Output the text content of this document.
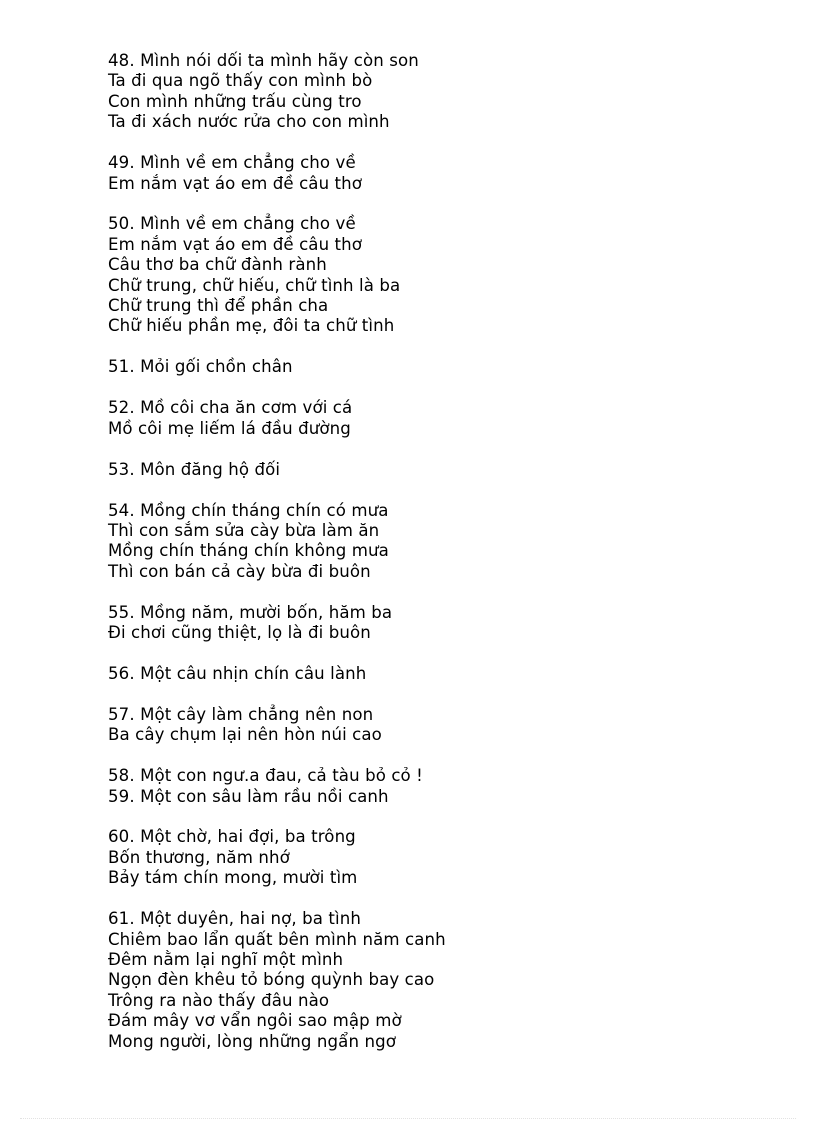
48. Mình nói dối ta mình hãy còn son
Ta đi qua ngõ thấy con mình bò
Con mình những trấu cùng tro
Ta đi xách nước rửa cho con mình
49. Mình về em chẳng cho về
Em nắm vạt áo em đề câu thơ
50. Mình về em chẳng cho về
Em nắm vạt áo em đề câu thơ
Câu thơ ba chữ đành rành
Chữ trung, chữ hiếu, chữ tình là ba
Chữ trung thì để phần cha
Chữ hiếu phần mẹ, đôi ta chữ tình
51. Mỏi gối chồn chân
52. Mồ côi cha ăn cơm với cá
Mồ côi mẹ liếm lá đầu đường
53. Môn đăng hộ đối
54. Mồng chín tháng chín có mưa
Thì con sắm sửa cày bừa làm ăn
Mồng chín tháng chín không mưa
Thì con bán cả cày bừa đi buôn
55. Mồng năm, mười bốn, hăm ba
Đi chơi cũng thiệt, lọ là đi buôn
56. Một câu nhịn chín câu lành
57. Một cây làm chẳng nên non
Ba cây chụm lại nên hòn núi cao
58. Một con ngư.a đau, cả tàu bỏ cỏ !
59. Một con sâu làm rầu nồi canh
60. Một chờ, hai đợi, ba trông
Bốn thương, năm nhớ
Bảy tám chín mong, mười tìm
61. Một duyên, hai nợ, ba tình
Chiêm bao lẩn quất bên mình năm canh
Đêm nằm lại nghĩ một mình
Ngọn đèn khêu tỏ bóng quỳnh bay cao
Trông ra nào thấy đâu nào
Đám mây vơ vẩn ngôi sao mập mờ
Mong người, lòng những ngẩn ngơ
